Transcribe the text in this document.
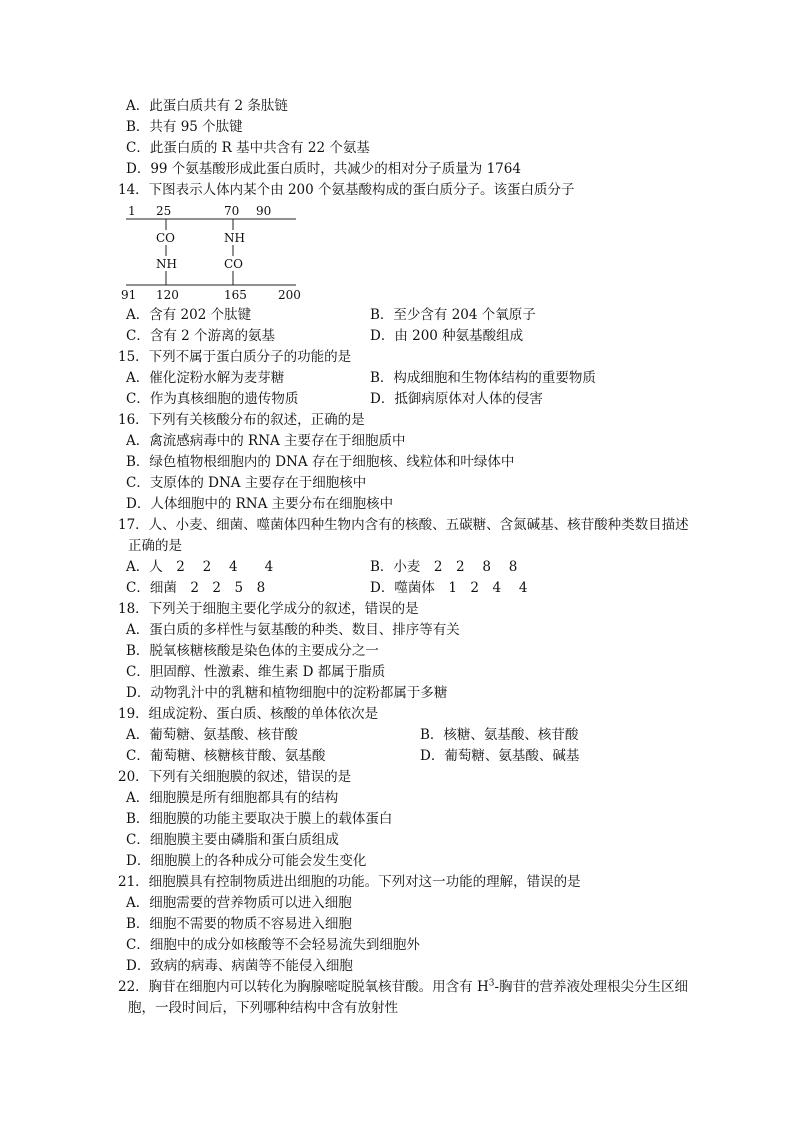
A．此蛋白质共有 2 条肽链
B．共有 95 个肽键
C．此蛋白质的 R 基中共含有 22 个氨基
D．99 个氨基酸形成此蛋白质时，共减少的相对分子质量为 1764
14．下图表示人体内某个由 200 个氨基酸构成的蛋白质分子。该蛋白质分子
A．含有 202 个肽键	B．至少含有 204 个氧原子
C．含有 2 个游离的氨基	D．由 200 种氨基酸组成
15．下列不属于蛋白质分子的功能的是
A．催化淀粉水解为麦芽糖	B．构成细胞和生物体结构的重要物质
C．作为真核细胞的遗传物质	D．抵御病原体对人体的侵害
16．下列有关核酸分布的叙述，正确的是
A．禽流感病毒中的 RNA 主要存在于细胞质中
B．绿色植物根细胞内的 DNA 存在于细胞核、线粒体和叶绿体中
C．支原体的 DNA 主要存在于细胞核中
D．人体细胞中的 RNA 主要分布在细胞核中
17．人、小麦、细菌、噬菌体四种生物内含有的核酸、五碳糖、含氮碱基、核苷酸种类数目描述
正确的是
A．人　2　 2　 4　　4	B．小麦　2　2　 8　 8
C．细菌　2　2　5　8	D．噬菌体　1　2　4　 4
18．下列关于细胞主要化学成分的叙述，错误的是
A．蛋白质的多样性与氨基酸的种类、数目、排序等有关
B．脱氧核糖核酸是染色体的主要成分之一
C．胆固醇、性激素、维生素 D 都属于脂质
D．动物乳汁中的乳糖和植物细胞中的淀粉都属于多糖
19．组成淀粉、蛋白质、核酸的单体依次是
A．葡萄糖、氨基酸、核苷酸	B．核糖、氨基酸、核苷酸
C．葡萄糖、核糖核苷酸、氨基酸	D．葡萄糖、氨基酸、碱基
20．下列有关细胞膜的叙述，错误的是
A．细胞膜是所有细胞都具有的结构
B．细胞膜的功能主要取决于膜上的载体蛋白
C．细胞膜主要由磷脂和蛋白质组成
D．细胞膜上的各种成分可能会发生变化
21．细胞膜具有控制物质进出细胞的功能。下列对这一功能的理解，错误的是
A．细胞需要的营养物质可以进入细胞
B．细胞不需要的物质不容易进入细胞
C．细胞中的成分如核酸等不会轻易流失到细胞外
D．致病的病毒、病菌等不能侵入细胞
胞，一段时间后，下列哪种结构中含有放射性
22．胸苷在细胞内可以转化为胸腺嘧啶脱氧核苷酸。用含有 $H^3-$胸苷的营养液处理根尖分生区细
1 25	70 90
CO
NH
NH
CO
91 120	165	200
